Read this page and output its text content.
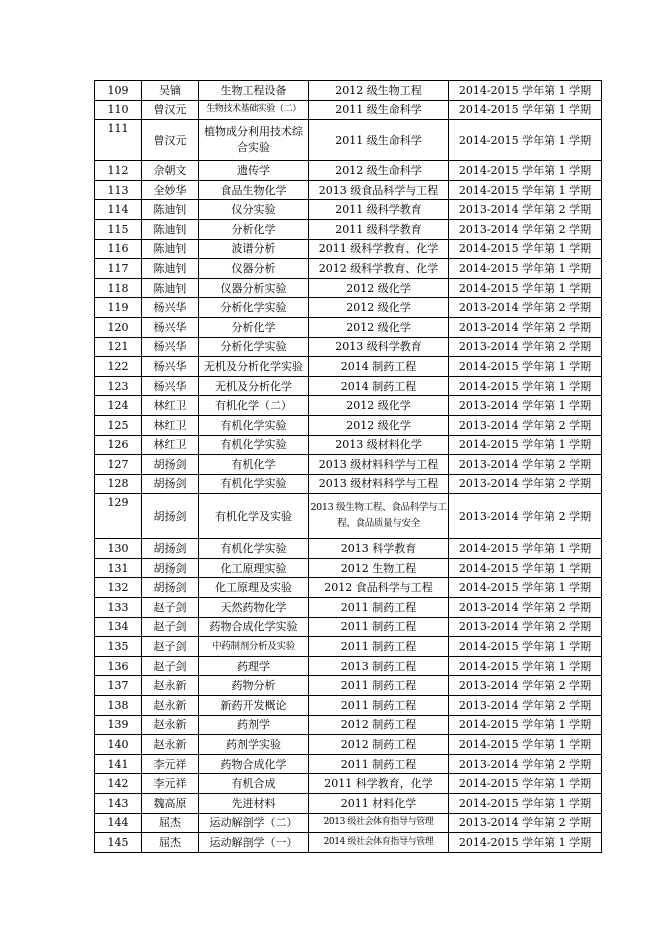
109	吴镝	生物工程设备	2012 级生物工程	2014-2015 学年第 1 学期
110	曾汉元	生物技术基础实验（二）	2011 级生命科学	2014-2015 学年第 1 学期
111	曾汉元	植物成分利用技术综合实验	2011 级生命科学	2014-2015 学年第 1 学期
112	佘朝文	遗传学	2012 级生命科学	2014-2015 学年第 1 学期
113	全妙华	食品生物化学	2013 级食品科学与工程	2014-2015 学年第 1 学期
114	陈迪钊	仪分实验	2011 级科学教育	2013-2014 学年第 2 学期
115	陈迪钊	分析化学	2011 级科学教育	2013-2014 学年第 2 学期
116	陈迪钊	波谱分析	2011 级科学教育、化学	2014-2015 学年第 1 学期
117	陈迪钊	仪器分析	2012 级科学教育、化学	2014-2015 学年第 1 学期
118	陈迪钊	仪器分析实验	2012 级化学	2014-2015 学年第 1 学期
119	杨兴华	分析化学实验	2012 级化学	2013-2014 学年第 2 学期
120	杨兴华	分析化学	2012 级化学	2013-2014 学年第 2 学期
121	杨兴华	分析化学实验	2013 级科学教育	2013-2014 学年第 2 学期
122	杨兴华	无机及分析化学实验	2014 制药工程	2014-2015 学年第 1 学期
123	杨兴华	无机及分析化学	2014 制药工程	2014-2015 学年第 1 学期
124	林红卫	有机化学（二）	2012 级化学	2013-2014 学年第 1 学期
125	林红卫	有机化学实验	2012 级化学	2013-2014 学年第 2 学期
126	林红卫	有机化学实验	2013 级材料化学	2014-2015 学年第 1 学期
127	胡扬剑	有机化学	2013 级材料科学与工程	2013-2014 学年第 2 学期
128	胡扬剑	有机化学实验	2013 级材料科学与工程	2013-2014 学年第 2 学期
129	胡扬剑	有机化学及实验	2013 级生物工程、食品科学与工程、食品质量与安全	2013-2014 学年第 2 学期
130	胡扬剑	有机化学实验	2013 科学教育	2014-2015 学年第 1 学期
131	胡扬剑	化工原理实验	2012 生物工程	2014-2015 学年第 1 学期
132	胡扬剑	化工原理及实验	2012 食品科学与工程	2014-2015 学年第 1 学期
133	赵子剑	天然药物化学	2011 制药工程	2013-2014 学年第 2 学期
134	赵子剑	药物合成化学实验	2011 制药工程	2013-2014 学年第 2 学期
135	赵子剑	中药制剂分析及实验	2011 制药工程	2014-2015 学年第 1 学期
136	赵子剑	药理学	2013 制药工程	2014-2015 学年第 1 学期
137	赵永新	药物分析	2011 制药工程	2013-2014 学年第 2 学期
138	赵永新	新药开发概论	2011 制药工程	2013-2014 学年第 2 学期
139	赵永新	药剂学	2012 制药工程	2014-2015 学年第 1 学期
140	赵永新	药剂学实验	2012 制药工程	2014-2015 学年第 1 学期
141	李元祥	药物合成化学	2011 制药工程	2013-2014 学年第 2 学期
142	李元祥	有机合成	2011 科学教育，化学	2014-2015 学年第 1 学期
143	魏高原	先进材料	2011 材料化学	2014-2015 学年第 1 学期
144	屈杰	运动解剖学（二）	2013 级社会体育指导与管理	2013-2014 学年第 2 学期
145	屈杰	运动解剖学（一）	2014 级社会体育指导与管理	2014-2015 学年第 1 学期
